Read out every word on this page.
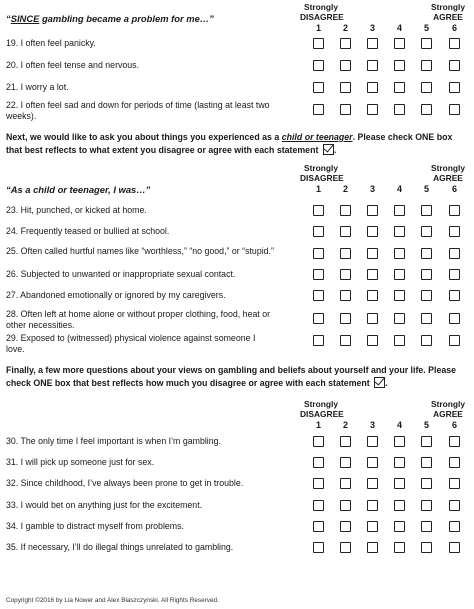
Strongly DISAGREE
Strongly AGREE
“SINCE gambling became a problem for me…”
1	2	3	4	5	6
19. I often feel panicky.
20. I often feel tense and nervous.
21. I worry a lot.
22. I often feel sad and down for periods of time (lasting at least two weeks).
Next, we would like to ask you about things you experienced as a child or teenager. Please check ONE box that best reflects to what extent you disagree or agree with each statement .
Strongly DISAGREE
Strongly AGREE
“As a child or teenager, I was…”	1	2	3	4	5	6
23. Hit, punched, or kicked at home.
24. Frequently teased or bullied at school.
25. Often called hurtful names like “worthless,” “no good,” or “stupid.”
26. Subjected to unwanted or inappropriate sexual contact.
27. Abandoned emotionally or ignored by my caregivers.
28. Often left at home alone or without proper clothing, food, heat or other necessities.
29. Exposed to (witnessed) physical violence against someone I love.
Finally, a few more questions about your views on gambling and beliefs about yourself and your life. Please check ONE box that best reflects how much you disagree or agree with each statement .
Strongly DISAGREE
Strongly AGREE
1	2	3	4	5	6
30. The only time I feel important is when I’m gambling.
31. I will pick up someone just for sex.
32. Since childhood, I’ve always been prone to get in trouble.
33. I would bet on anything just for the excitement.
34. I gamble to distract myself from problems.
35. If necessary, I’ll do illegal things unrelated to gambling.
Copyright ©2016 by Lia Nower and Alex Blaszczynski. All Rights Reserved.
